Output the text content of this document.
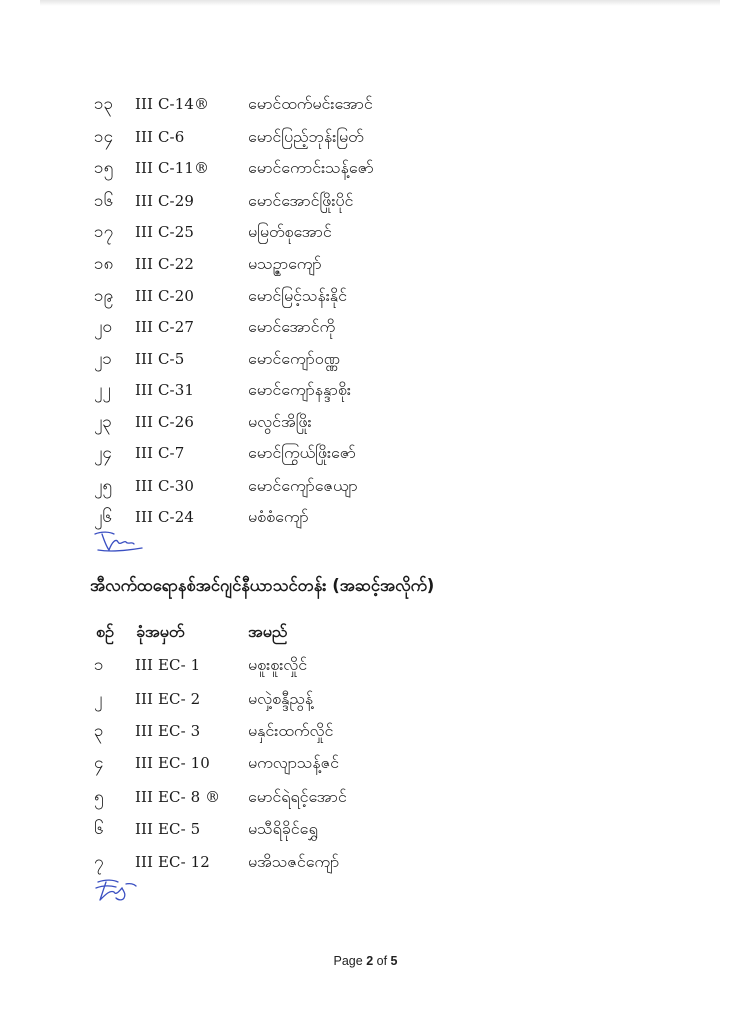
၁၃ III C-14® မောင်ထက်မင်းအောင်
၁၄ III C-6	မောင်ပြည့်ဘုန်းမြတ်
၁၅ III C-11® မောင်ကောင်းသန့်ဇော်
၁၆ III C-29	မောင်အောင်ဖြိုးပိုင်
၁၇ III C-25	မမြတ်စုအောင်
၁၈ III C-22	မသဥ္ဇာကျော်
၁၉ III C-20	မောင်မြင့်သန်းနိုင်
၂၀ III C-27	မောင်အောင်ကို
၂၁ III C-5	မောင်ကျော်ဝဏ္ဏ
၂၂ III C-31	မောင်ကျော်နန္ဒာစိုး
၂၃ III C-26	မလွင်အိဖြိုး
၂၄ III C-7	မောင်ကြွယ်ဖြိုးဇော်
၂၅ III C-30	မောင်ကျော်ဇေယျာ
၂၆ III C-24	မစံစံကျော်
အီလက်ထရောနစ်အင်ဂျင်နီယာသင်တန်း (အဆင့်အလိုက်)
စဥ် ခုံအမှတ်	အမည်
၁ III EC- 1	မစူးစူးလှိုင်
၂ III EC- 2	မလှဲ့စန္ဒီညွန့်
၃ III EC- 3	မနှင်းထက်လှိုင်
၄ III EC- 10 မကလျာသန့်ဇင်
၅ III EC- 8 ® မောင်ရဲရင့်အောင်
၆ III EC- 5	မသီရိခိုင်ရွှေ
၇ III EC- 12 မအိသဇင်ကျော်
Page 2 of 5
